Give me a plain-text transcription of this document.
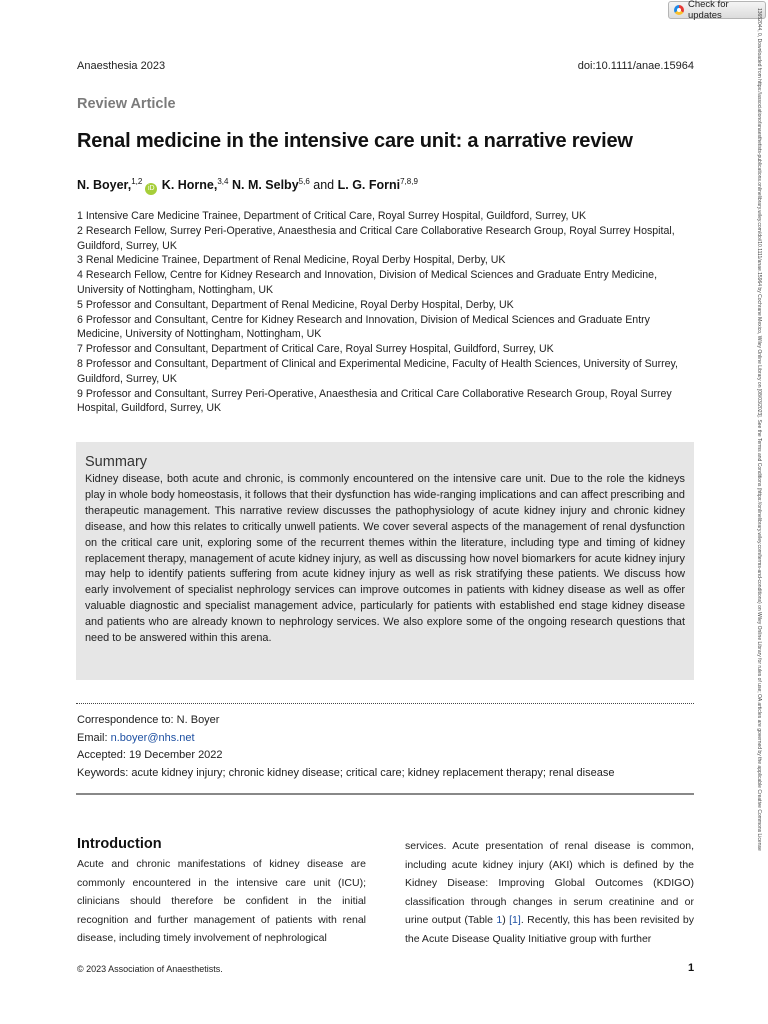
Check for updates	13652044, 0, Downloaded from https://associationofanaesthetists-publications.onlinelibrary.wiley.com/doi/10.1111/anae.15964 by Cochrane Mexico, Wiley Online Library on [08/03/2023]. See the Terms and Conditions (https://onlinelibrary.wiley.com/terms-and-conditions) on Wiley Online Library for rules of use; OA articles are governed by the applicable Creative Commons License
Anaesthesia 2023	doi:10.1111/anae.15964
Review Article
Renal medicine in the intensive care unit: a narrative review
N. Boyer,$^{1,2}$iD K. Horne,$^{3,4}$ N. M. Selby$^{5,6}$ and L. G. Forni$^{7,8,9}$
1 Intensive Care Medicine Trainee, Department of Critical Care, Royal Surrey Hospital, Guildford, Surrey, UK
2 Research Fellow, Surrey Peri-Operative, Anaesthesia and Critical Care Collaborative Research Group, Royal Surrey Hospital, Guildford, Surrey, UK
3 Renal Medicine Trainee, Department of Renal Medicine, Royal Derby Hospital, Derby, UK
4 Research Fellow, Centre for Kidney Research and Innovation, Division of Medical Sciences and Graduate Entry Medicine, University of Nottingham, Nottingham, UK
5 Professor and Consultant, Department of Renal Medicine, Royal Derby Hospital, Derby, UK
6 Professor and Consultant, Centre for Kidney Research and Innovation, Division of Medical Sciences and Graduate Entry Medicine, University of Nottingham, Nottingham, UK
7 Professor and Consultant, Department of Critical Care, Royal Surrey Hospital, Guildford, Surrey, UK
8 Professor and Consultant, Department of Clinical and Experimental Medicine, Faculty of Health Sciences, University of Surrey, Guildford, Surrey, UK
9 Professor and Consultant, Surrey Peri-Operative, Anaesthesia and Critical Care Collaborative Research Group, Royal Surrey Hospital, Guildford, Surrey, UK
Summary
Kidney disease, both acute and chronic, is commonly encountered on the intensive care unit. Due to the role the kidneys play in whole body homeostasis, it follows that their dysfunction has wide-ranging implications and can affect prescribing and therapeutic management. This narrative review discusses the pathophysiology of acute kidney injury and chronic kidney disease, and how this relates to critically unwell patients. We cover several aspects of the management of renal dysfunction on the critical care unit, exploring some of the recurrent themes within the literature, including type and timing of kidney replacement therapy, management of acute kidney injury, as well as discussing how novel biomarkers for acute kidney injury may help to identify patients suffering from acute kidney injury as well as risk stratifying these patients. We discuss how early involvement of specialist nephrology services can improve outcomes in patients with kidney disease as well as offer valuable diagnostic and specialist management advice, particularly for patients with established end stage kidney disease and patients who are already known to nephrology services. We also explore some of the ongoing research questions that need to be answered within this arena.
Correspondence to: N. Boyer
Email: n.boyer@nhs.net
Accepted: 19 December 2022
Keywords: acute kidney injury; chronic kidney disease; critical care; kidney replacement therapy; renal disease
Introduction
Acute and chronic manifestations of kidney disease are commonly encountered in the intensive care unit (ICU); clinicians should therefore be confident in the initial recognition and further management of patients with renal disease, including timely involvement of nephrological
services. Acute presentation of renal disease is common, including acute kidney injury (AKI) which is defined by the Kidney Disease: Improving Global Outcomes (KDIGO) classification through changes in serum creatinine and or urine output (Table 1) [1]. Recently, this has been revisited by the Acute Disease Quality Initiative group with further
© 2023 Association of Anaesthetists.	1
